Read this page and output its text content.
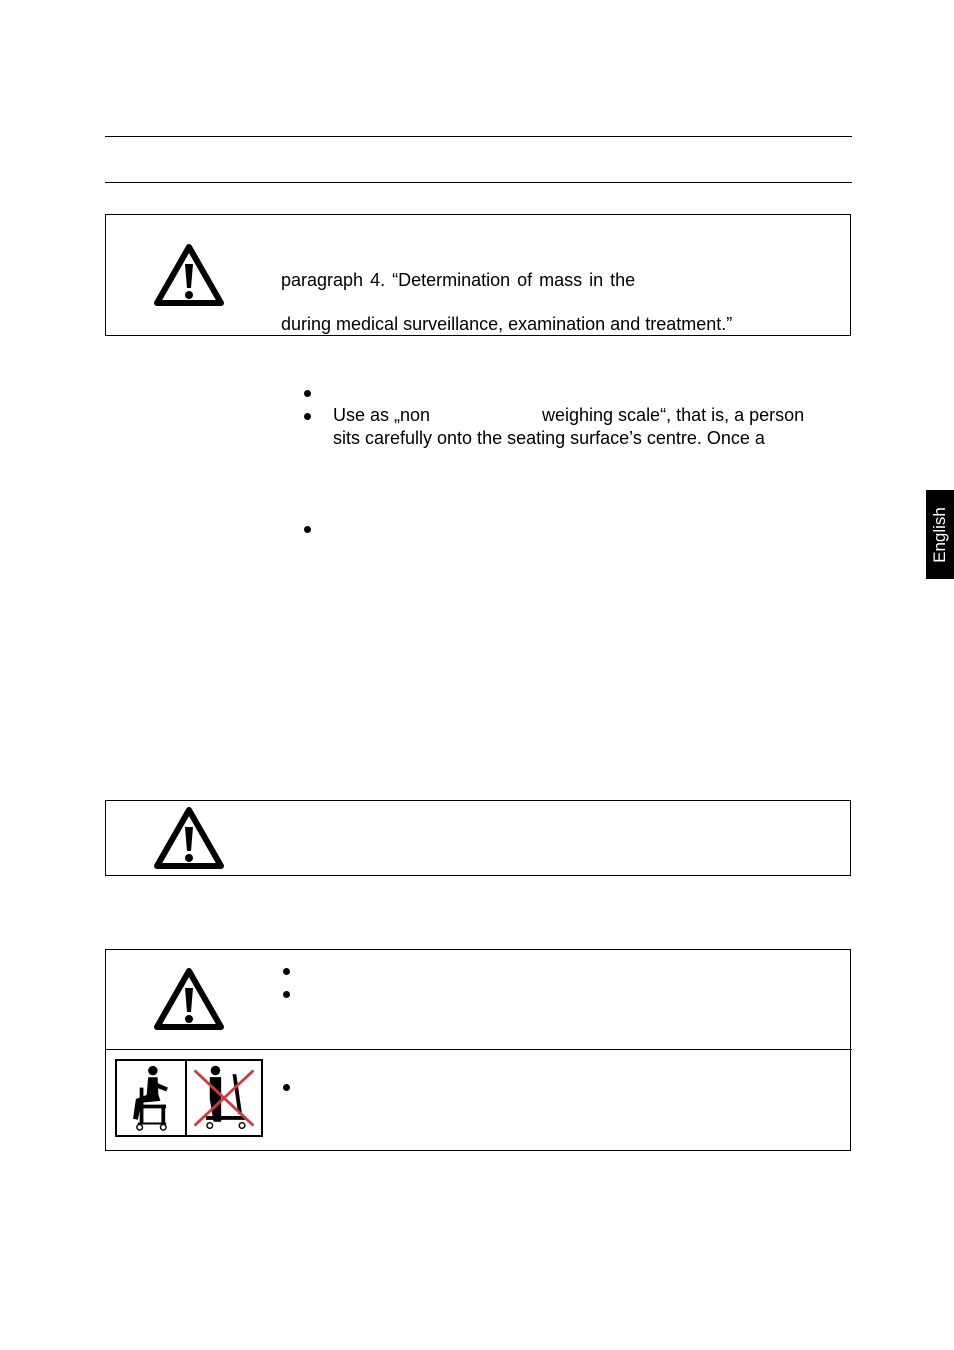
English
paragraph 4. “Determination of mass in the
during medical surveillance, examination and treatment.”
Use as „non	weighing scale“, that is, a person
sits carefully onto the seating surface’s centre. Once a
